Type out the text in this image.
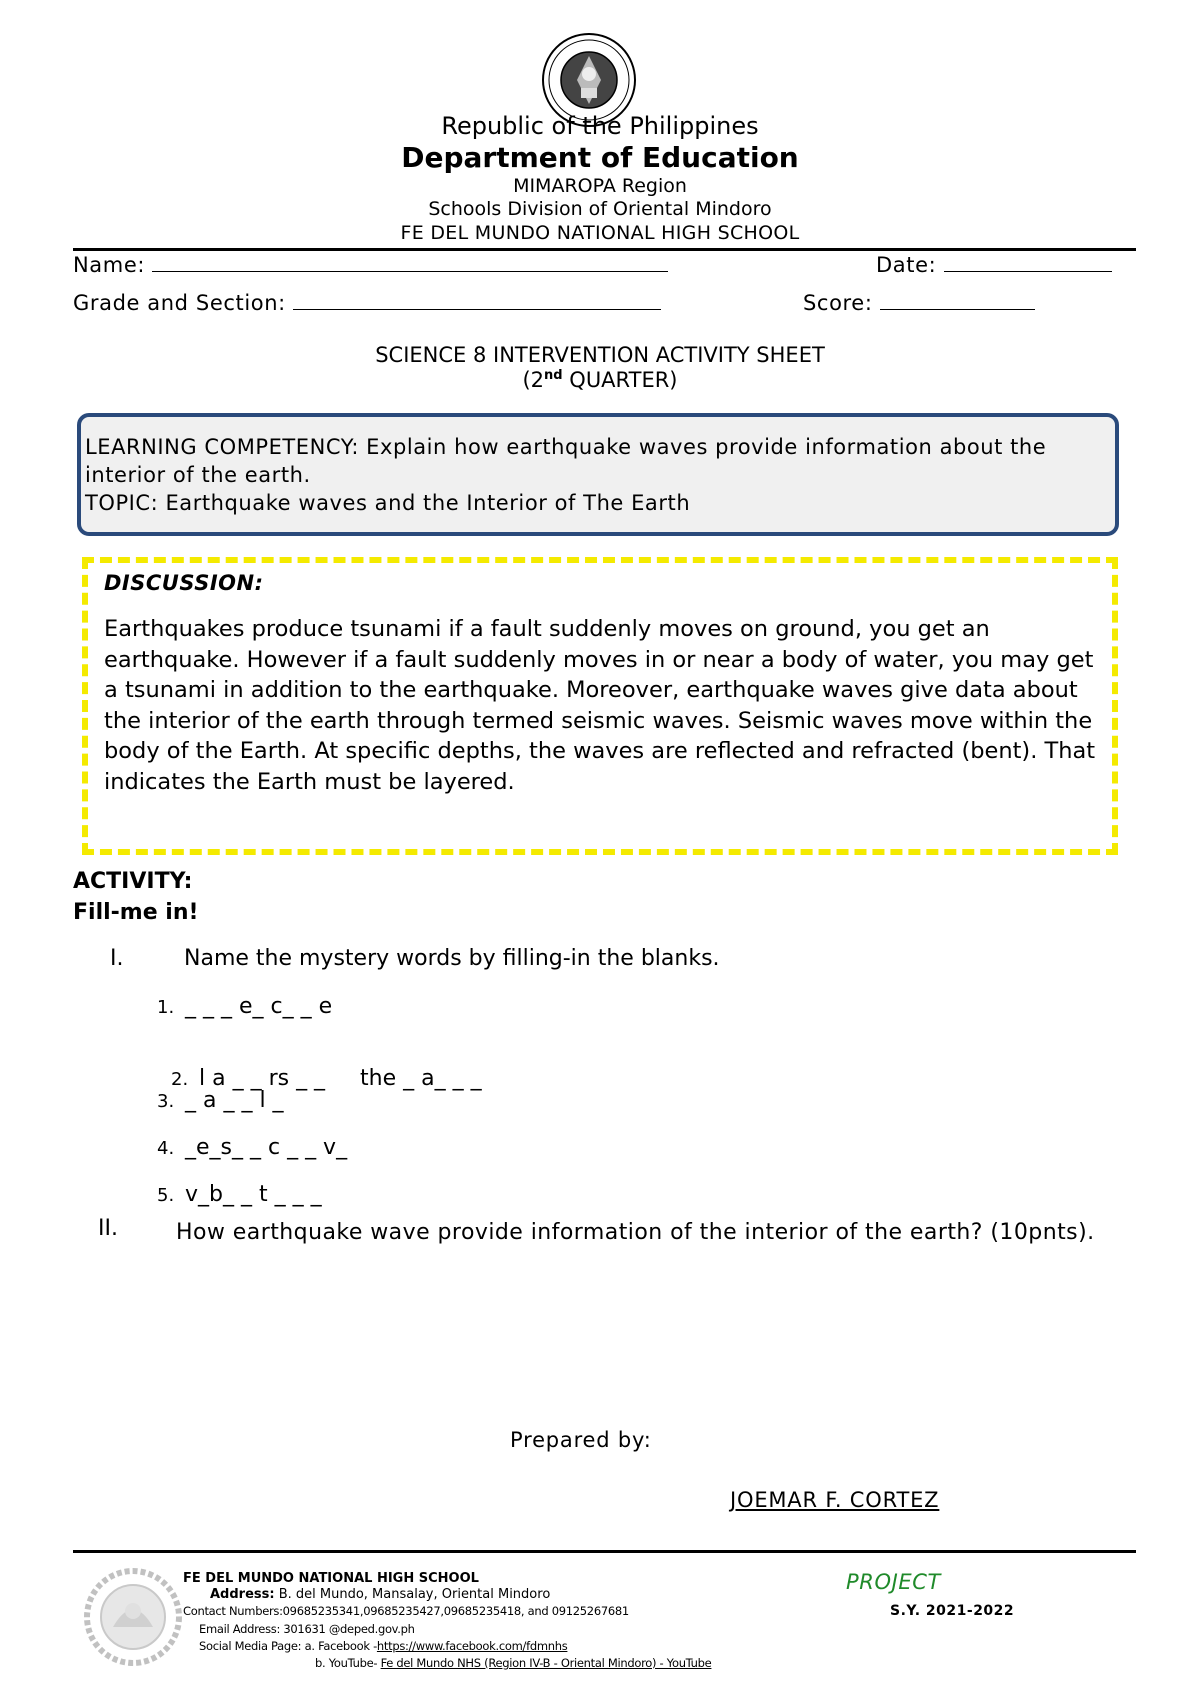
Republic of the Philippines
Department of Education
MIMAROPA Region
Schools Division of Oriental Mindoro
FE DEL MUNDO NATIONAL HIGH SCHOOL
Name:	Date:
Grade and Section:	Score:
SCIENCE 8 INTERVENTION ACTIVITY SHEET
(2nd QUARTER)
LEARNING COMPETENCY: Explain how earthquake waves provide information about the interior of the earth.
TOPIC: Earthquake waves and the Interior of The Earth
DISCUSSION:
Earthquakes produce tsunami if a fault suddenly moves on ground, you get an earthquake. However if a fault suddenly moves in or near a body of water, you may get a tsunami in addition to the earthquake. Moreover, earthquake waves give data about the interior of the earth through termed seismic waves. Seismic waves move within the body of the Earth. At specific depths, the waves are reflected and refracted (bent). That indicates the Earth must be layered.
ACTIVITY:
Fill-me in!
I.	Name the mystery words by filling-in the blanks.
1. _ _ _ e_ c_ _ e

2. l a _ _ rs _ _     the _ a_ _ _

3. _ a _ _ l _
4. _e_s_ _ c _ _ v_
5. v_b_ _ t _ _ _
II.	How earthquake wave provide information of the interior of the earth? (10pnts).
Prepared by:
JOEMAR F. CORTEZ
FE DEL MUNDO NATIONAL HIGH SCHOOL
Address: B. del Mundo, Mansalay, Oriental Mindoro
Contact Numbers:09685235341,09685235427,09685235418, and 09125267681
Email Address: 301631 @deped.gov.ph
Social Media Page: a. Facebook -https://www.facebook.com/fdmnhs
b. YouTube- Fe del Mundo NHS (Region IV-B - Oriental Mindoro) - YouTube
PROJECT
S.Y. 2021-2022
